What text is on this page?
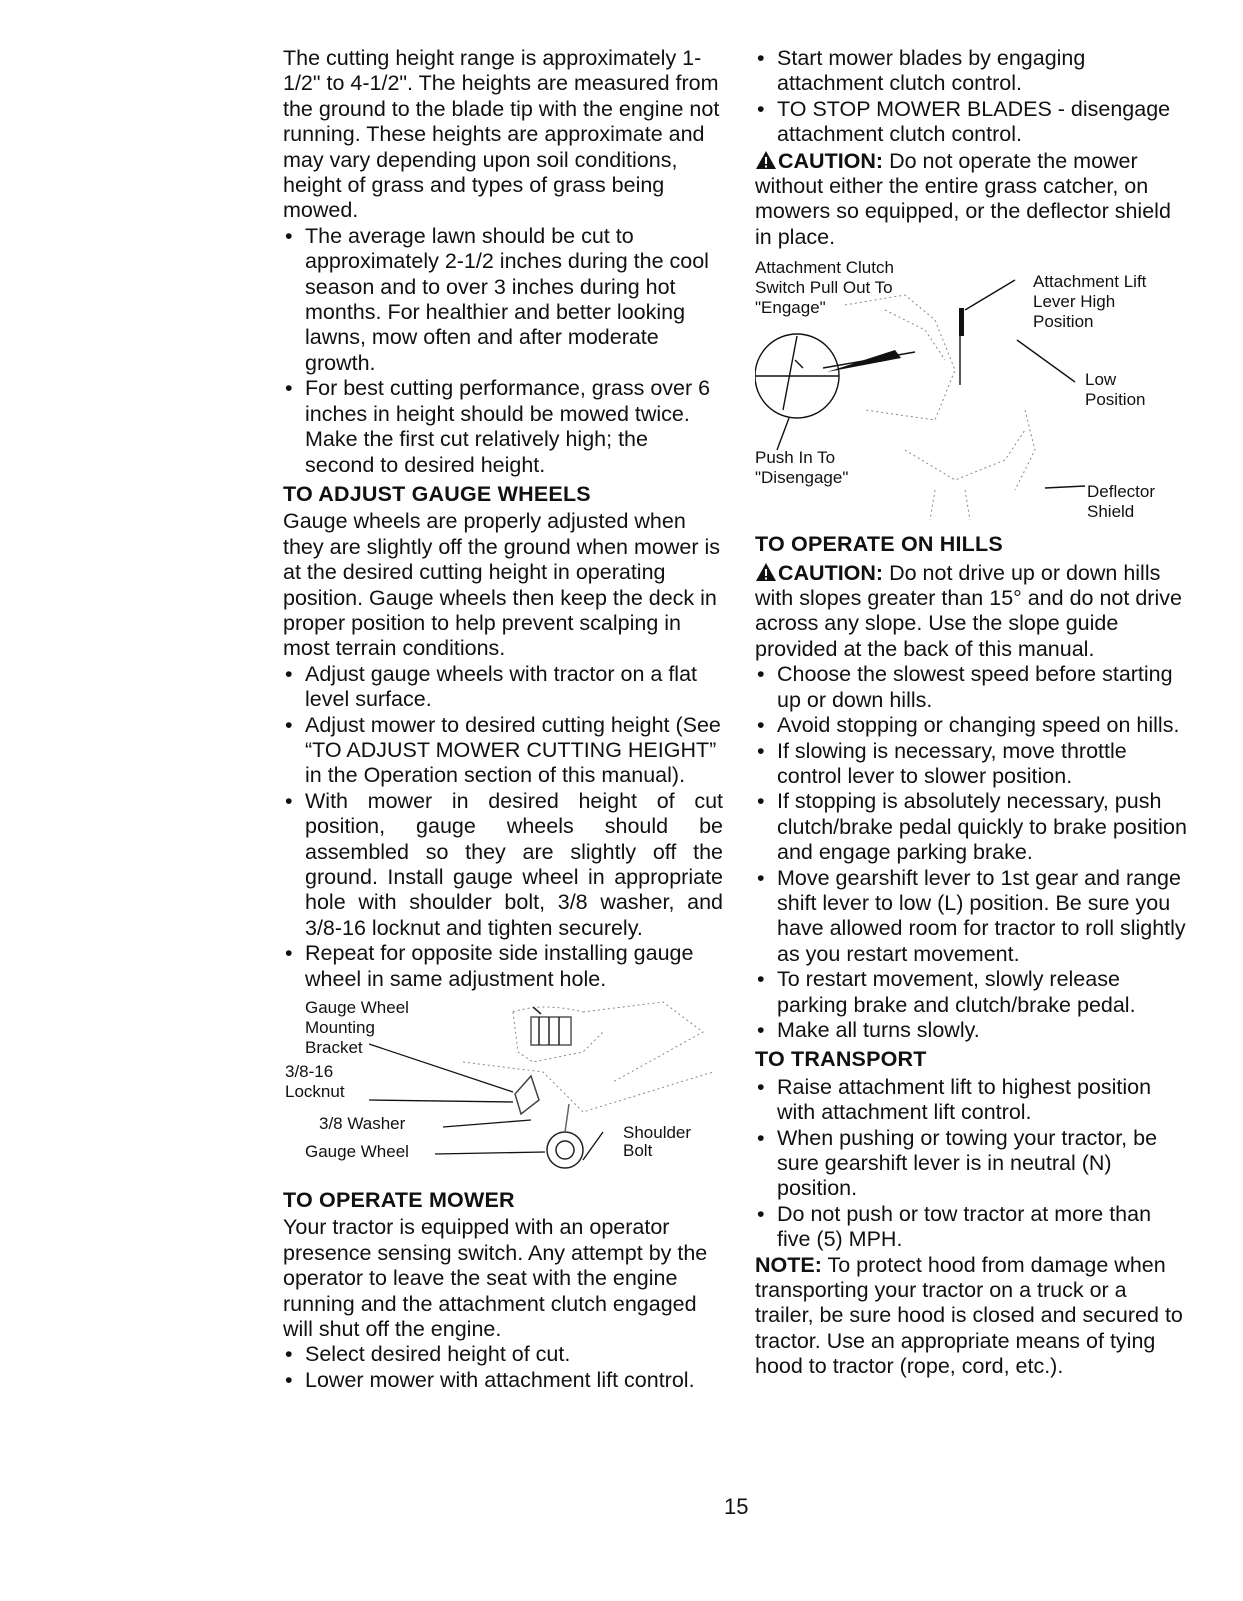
The cutting height range is approximately 1-1/2" to 4-1/2". The heights are measured from the ground to the blade tip with the engine not running. These heights are approximate and may vary depending upon soil conditions, height of grass and types of grass being mowed.

• The average lawn should be cut to approximately 2-1/2 inches during the cool season and to over 3 inches during hot months. For healthier and better looking lawns, mow often and after moderate growth.
• For best cutting performance, grass over 6 inches in height should be mowed twice. Make the first cut relatively high; the second to desired height.
TO ADJUST GAUGE WHEELS

Gauge wheels are properly adjusted when they are slightly off the ground when mower is at the desired cutting height in operating position. Gauge wheels then keep the deck in proper position to help prevent scalping in most terrain conditions.

• Adjust gauge wheels with tractor on a flat level surface.
• Adjust mower to desired cutting height (See “TO ADJUST MOWER CUTTING HEIGHT” in the Operation section of this manual).
• With mower in desired height of cut position, gauge wheels should be assembled so they are slightly off the ground. Install gauge wheel in appropriate hole with shoulder bolt, 3/8 washer, and 3/8-16 locknut and tighten securely.
• Repeat for opposite side installing gauge wheel in same adjustment hole.
Gauge Wheel
Mounting
Bracket
3/8-16
Locknut
3/8 Washer
Gauge Wheel
Shoulder
Bolt
TO OPERATE MOWER

Your tractor is equipped with an operator presence sensing switch. Any attempt by the operator to leave the seat with the engine running and the attachment clutch engaged will shut off the engine.

• Select desired height of cut.
• Lower mower with attachment lift control.
• Start mower blades by engaging attachment clutch control.
• TO STOP MOWER BLADES - disengage attachment clutch control.

CAUTION: Do not operate the mower without either the entire grass catcher, on mowers so equipped, or the deflector shield in place.

Attachment Clutch
Switch Pull Out To
"Engage"
Push In To
"Disengage"
Attachment Lift
Lever High
Position
Low
Position
Deflector
Shield
TO OPERATE ON HILLS

CAUTION: Do not drive up or down hills with slopes greater than 15° and do not drive across any slope. Use the slope guide provided at the back of this manual.

• Choose the slowest speed before starting up or down hills.
• Avoid stopping or changing speed on hills.
• If slowing is necessary, move throttle control lever to slower position.
• If stopping is absolutely necessary, push clutch/brake pedal quickly to brake position and engage parking brake.
• Move gearshift lever to 1st gear and range shift lever to low (L) position. Be sure you have allowed room for tractor to roll slightly as you restart movement.
• To restart movement, slowly release parking brake and clutch/brake pedal.
• Make all turns slowly.
TO TRANSPORT
• Raise attachment lift to highest position with attachment lift control.
• When pushing or towing your tractor, be sure gearshift lever is in neutral (N) position.
• Do not push or tow tractor at more than five (5) MPH.

NOTE: To protect hood from damage when transporting your tractor on a truck or a trailer, be sure hood is closed and secured to tractor. Use an appropriate means of tying hood to tractor (rope, cord, etc.).

15
